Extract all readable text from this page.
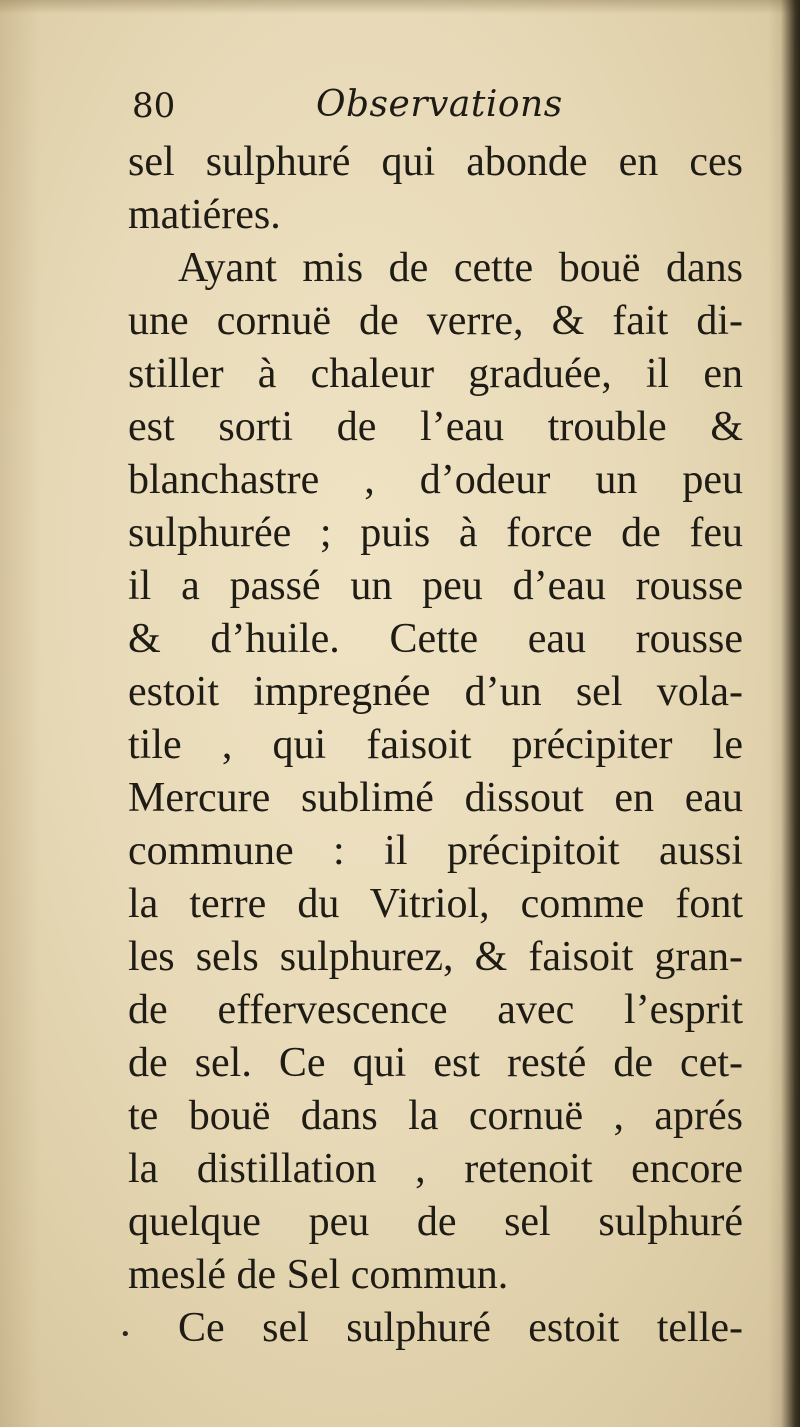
80	Observations
sel sulphuré qui abonde en ces
matiéres.
Ayant mis de cette bouë dans
une cornuë de verre, & fait di-
stiller à chaleur graduée, il en
est sorti de l’eau trouble &
blanchastre , d’odeur un peu
sulphurée ; puis à force de feu
il a passé un peu d’eau rousse
& d’huile. Cette eau rousse
estoit impregnée d’un sel vola-
tile , qui faisoit précipiter le
Mercure sublimé dissout en eau
commune : il précipitoit aussi
la terre du Vitriol, comme font
les sels sulphurez, & faisoit gran-
de effervescence avec l’esprit
de sel. Ce qui est resté de cet-
te bouë dans la cornuë , aprés
la distillation , retenoit encore
quelque peu de sel sulphuré
meslé de Sel commun.
Ce sel sulphuré estoit telle-
•
